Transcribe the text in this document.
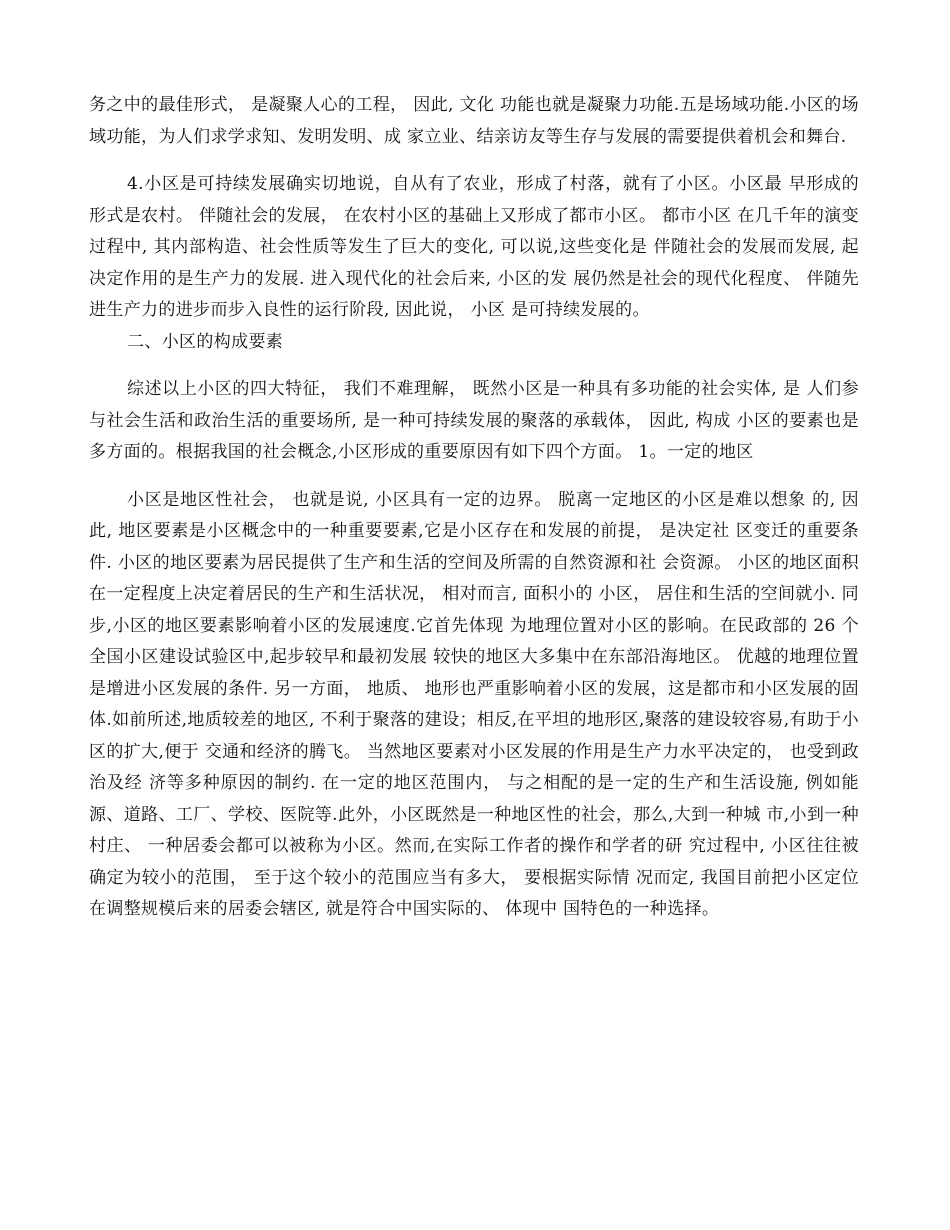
务之中的最佳形式， 是凝聚人心的工程， 因此, 文化 功能也就是凝聚力功能.五是场域功能.小区的场域功能，为人们求学求知、发明发明、成 家立业、结亲访友等生存与发展的需要提供着机会和舞台.

4.小区是可持续发展确实切地说，自从有了农业，形成了村落，就有了小区。小区最 早形成的形式是农村。 伴随社会的发展， 在农村小区的基础上又形成了都市小区。 都市小区 在几千年的演变过程中, 其内部构造、社会性质等发生了巨大的变化, 可以说,这些变化是 伴随社会的发展而发展, 起决定作用的是生产力的发展. 进入现代化的社会后来, 小区的发 展仍然是社会的现代化程度、 伴随先进生产力的进步而步入良性的运行阶段, 因此说， 小区 是可持续发展的。

二、小区的构成要素

综述以上小区的四大特征， 我们不难理解， 既然小区是一种具有多功能的社会实体, 是 人们参与社会生活和政治生活的重要场所, 是一种可持续发展的聚落的承载体， 因此, 构成 小区的要素也是多方面的。根据我国的社会概念,小区形成的重要原因有如下四个方面。 1。一定的地区

小区是地区性社会， 也就是说, 小区具有一定的边界。 脱离一定地区的小区是难以想象 的, 因此, 地区要素是小区概念中的一种重要要素,它是小区存在和发展的前提， 是决定社 区变迁的重要条件. 小区的地区要素为居民提供了生产和生活的空间及所需的自然资源和社 会资源。 小区的地区面积在一定程度上决定着居民的生产和生活状况， 相对而言, 面积小的 小区， 居住和生活的空间就小. 同步,小区的地区要素影响着小区的发展速度.它首先体现 为地理位置对小区的影响。在民政部的 26 个全国小区建设试验区中,起步较早和最初发展 较快的地区大多集中在东部沿海地区。 优越的地理位置是增进小区发展的条件. 另一方面， 地质、 地形也严重影响着小区的发展，这是都市和小区发展的固体.如前所述,地质较差的地区, 不利于聚落的建设；相反,在平坦的地形区,聚落的建设较容易,有助于小区的扩大,便于 交通和经济的腾飞。 当然地区要素对小区发展的作用是生产力水平决定的， 也受到政治及经 济等多种原因的制约. 在一定的地区范围内， 与之相配的是一定的生产和生活设施, 例如能 源、道路、工厂、学校、医院等.此外，小区既然是一种地区性的社会，那么,大到一种城 市,小到一种村庄、 一种居委会都可以被称为小区。然而,在实际工作者的操作和学者的研 究过程中, 小区往往被确定为较小的范围， 至于这个较小的范围应当有多大， 要根据实际情 况而定, 我国目前把小区定位在调整规模后来的居委会辖区, 就是符合中国实际的、 体现中 国特色的一种选择。
